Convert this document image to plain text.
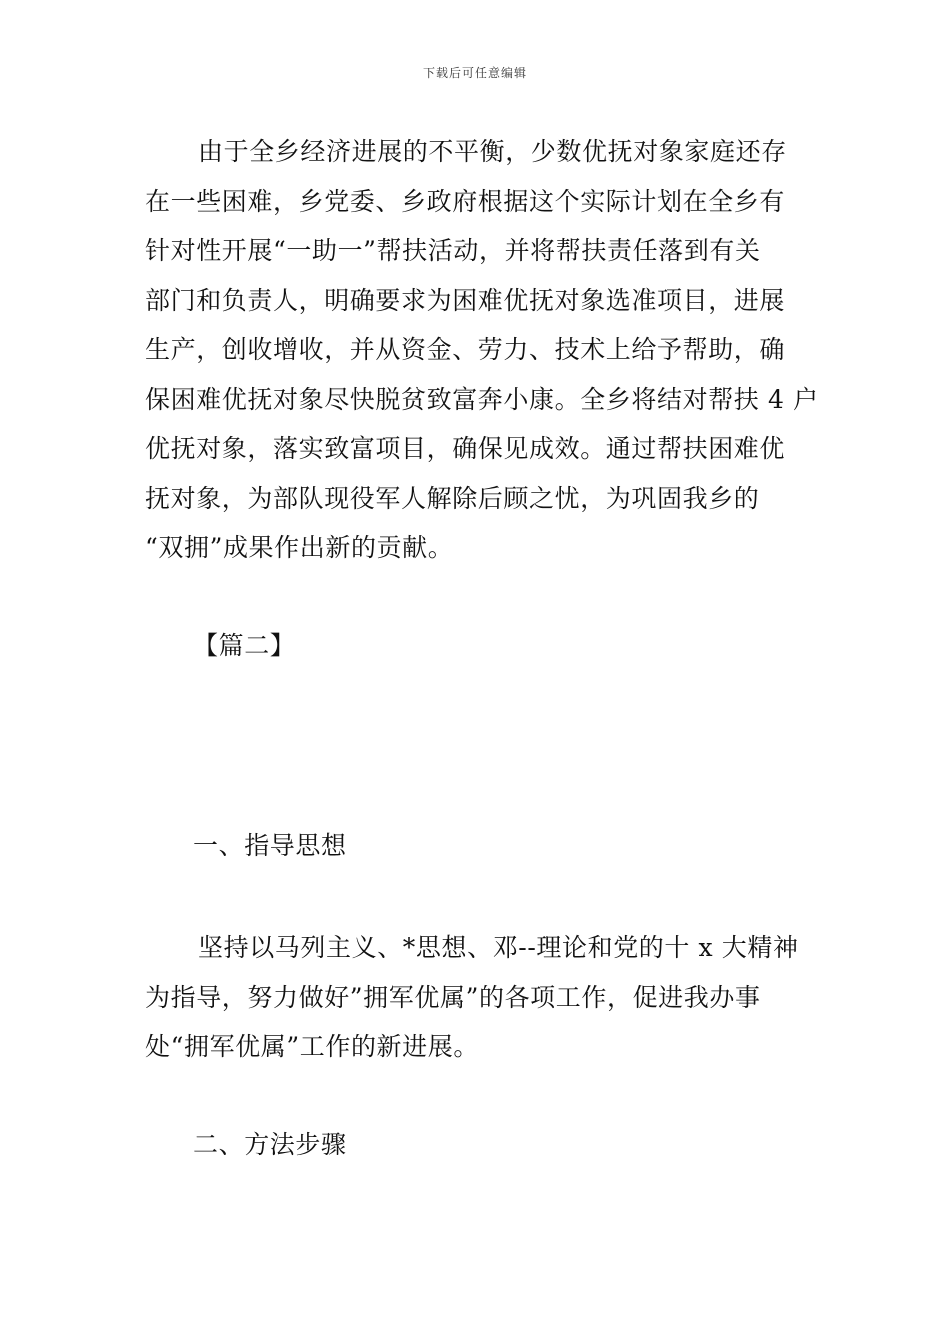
下载后可任意编辑
由于全乡经济进展的不平衡，少数优抚对象家庭还存
在一些困难，乡党委、乡政府根据这个实际计划在全乡有
针对性开展“一助一”帮扶活动，并将帮扶责任落到有关
部门和负责人，明确要求为困难优抚对象选准项目，进展
生产，创收增收，并从资金、劳力、技术上给予帮助，确
保困难优抚对象尽快脱贫致富奔小康。全乡将结对帮扶 4 户
优抚对象，落实致富项目，确保见成效。通过帮扶困难优
抚对象，为部队现役军人解除后顾之忧，为巩固我乡的
“双拥”成果作出新的贡献。
【篇二】
一、指导思想
坚持以马列主义、*思想、邓--理论和党的十 x 大精神
为指导，努力做好”拥军优属”的各项工作，促进我办事
处“拥军优属”工作的新进展。
二、方法步骤
